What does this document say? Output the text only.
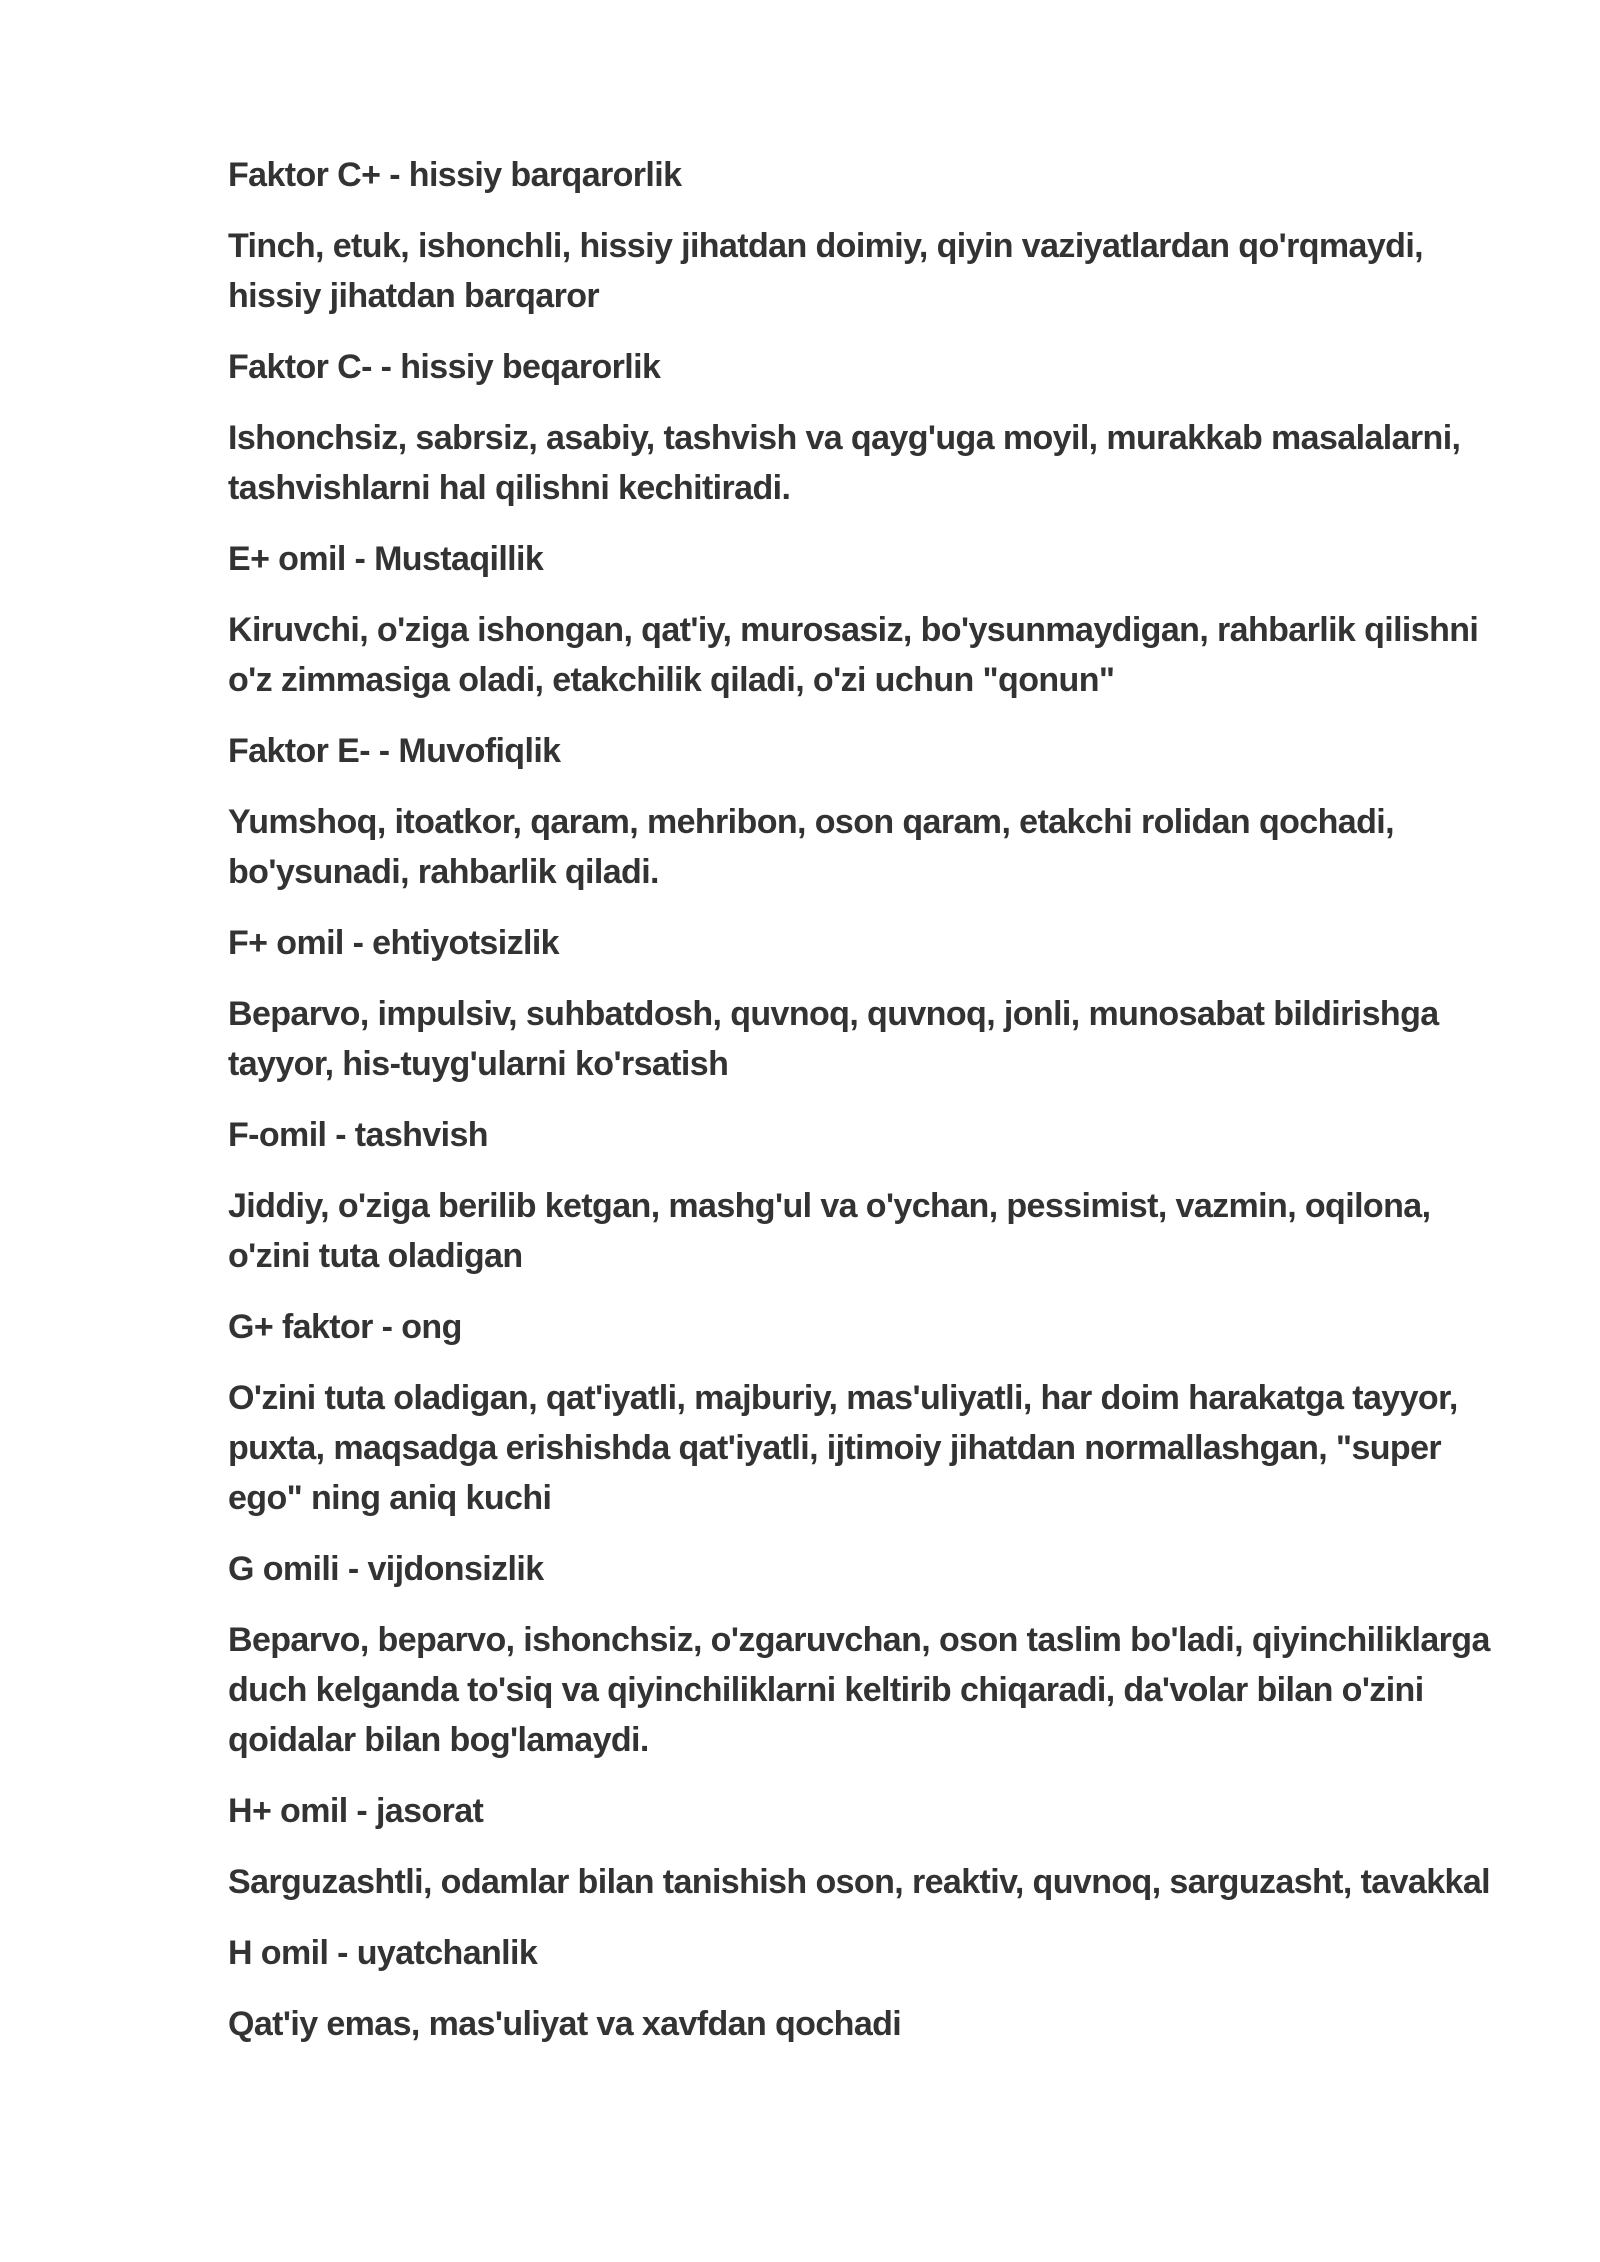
Faktor C+ - hissiy barqarorlik

Tinch, etuk, ishonchli, hissiy jihatdan doimiy, qiyin vaziyatlardan qo'rqmaydi, hissiy jihatdan barqaror

Faktor C- - hissiy beqarorlik

Ishonchsiz, sabrsiz, asabiy, tashvish va qayg'uga moyil, murakkab masalalarni, tashvishlarni hal qilishni kechitiradi.

E+ omil - Mustaqillik

Kiruvchi, o'ziga ishongan, qat'iy, murosasiz, bo'ysunmaydigan, rahbarlik qilishni o'z zimmasiga oladi, etakchilik qiladi, o'zi uchun "qonun"

Faktor E- - Muvofiqlik

Yumshoq, itoatkor, qaram, mehribon, oson qaram, etakchi rolidan qochadi, bo'ysunadi, rahbarlik qiladi.

F+ omil - ehtiyotsizlik

Beparvo, impulsiv, suhbatdosh, quvnoq, quvnoq, jonli, munosabat bildirishga tayyor, his-tuyg'ularni ko'rsatish

F-omil - tashvish

Jiddiy, o'ziga berilib ketgan, mashg'ul va o'ychan, pessimist, vazmin, oqilona, o'zini tuta oladigan

G+ faktor - ong

O'zini tuta oladigan, qat'iyatli, majburiy, mas'uliyatli, har doim harakatga tayyor, puxta, maqsadga erishishda qat'iyatli, ijtimoiy jihatdan normallashgan, "super ego" ning aniq kuchi

G omili - vijdonsizlik

Beparvo, beparvo, ishonchsiz, o'zgaruvchan, oson taslim bo'ladi, qiyinchiliklarga duch kelganda to'siq va qiyinchiliklarni keltirib chiqaradi, da'volar bilan o'zini qoidalar bilan bog'lamaydi.

H+ omil - jasorat

Sarguzashtli, odamlar bilan tanishish oson, reaktiv, quvnoq, sarguzasht, tavakkal

H omil - uyatchanlik

Qat'iy emas, mas'uliyat va xavfdan qochadi
